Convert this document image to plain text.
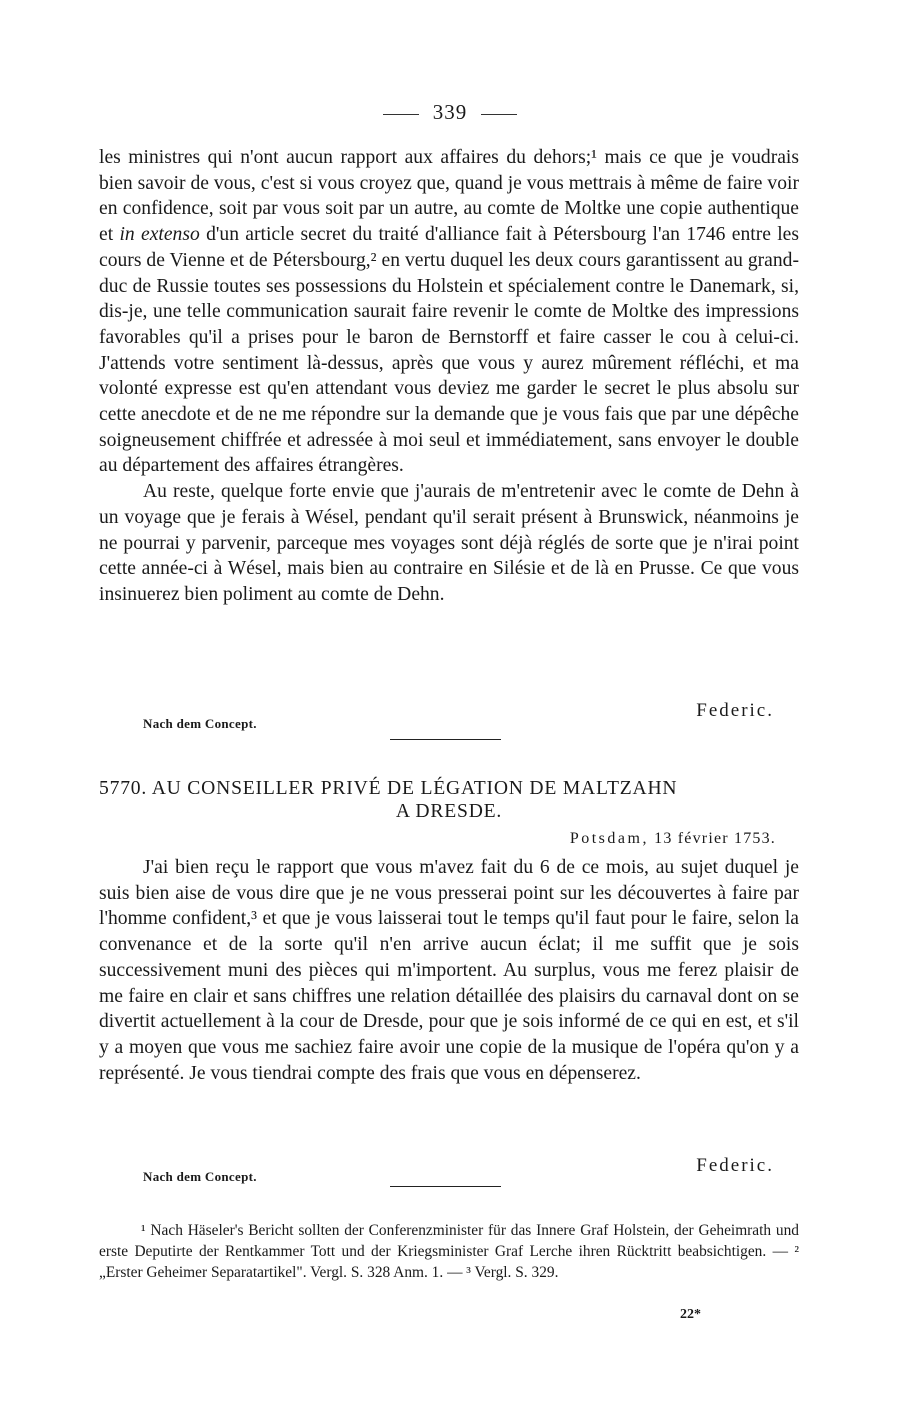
339

les ministres qui n'ont aucun rapport aux affaires du dehors;¹ mais ce que je voudrais bien savoir de vous, c'est si vous croyez que, quand je vous mettrais à même de faire voir en confidence, soit par vous soit par un autre, au comte de Moltke une copie authentique et in extenso d'un article secret du traité d'alliance fait à Pétersbourg l'an 1746 entre les cours de Vienne et de Pétersbourg,² en vertu duquel les deux cours garantissent au grand-duc de Russie toutes ses possessions du Holstein et spécialement contre le Danemark, si, dis-je, une telle communication saurait faire revenir le comte de Moltke des impressions favorables qu'il a prises pour le baron de Bernstorff et faire casser le cou à celui-ci. J'attends votre sentiment là-dessus, après que vous y aurez mûrement réfléchi, et ma volonté expresse est qu'en attendant vous deviez me garder le secret le plus absolu sur cette anecdote et de ne me répondre sur la demande que je vous fais que par une dépêche soigneusement chiffrée et adressée à moi seul et immédiatement, sans envoyer le double au département des affaires étrangères.

Au reste, quelque forte envie que j'aurais de m'entretenir avec le comte de Dehn à un voyage que je ferais à Wésel, pendant qu'il serait présent à Brunswick, néanmoins je ne pourrai y parvenir, parceque mes voyages sont déjà réglés de sorte que je n'irai point cette année-ci à Wésel, mais bien au contraire en Silésie et de là en Prusse. Ce que vous insinuerez bien poliment au comte de Dehn.

Federic.
Nach dem Concept.
5770. AU CONSEILLER PRIVÉ DE LÉGATION DE MALTZAHN
A DRESDE.
Potsdam, 13 février 1753.

J'ai bien reçu le rapport que vous m'avez fait du 6 de ce mois, au sujet duquel je suis bien aise de vous dire que je ne vous presserai point sur les découvertes à faire par l'homme confident,³ et que je vous laisserai tout le temps qu'il faut pour le faire, selon la convenance et de la sorte qu'il n'en arrive aucun éclat; il me suffit que je sois successivement muni des pièces qui m'importent. Au surplus, vous me ferez plaisir de me faire en clair et sans chiffres une relation détaillée des plaisirs du carnaval dont on se divertit actuellement à la cour de Dresde, pour que je sois informé de ce qui en est, et s'il y a moyen que vous me sachiez faire avoir une copie de la musique de l'opéra qu'on y a représenté. Je vous tiendrai compte des frais que vous en dépenserez.

Federic.
Nach dem Concept.

¹ Nach Häseler's Bericht sollten der Conferenzminister für das Innere Graf Holstein, der Geheimrath und erste Deputirte der Rentkammer Tott und der Kriegsminister Graf Lerche ihren Rücktritt beabsichtigen. — ² „Erster Geheimer Separatartikel". Vergl. S. 328 Anm. 1. — ³ Vergl. S. 329.

22*
